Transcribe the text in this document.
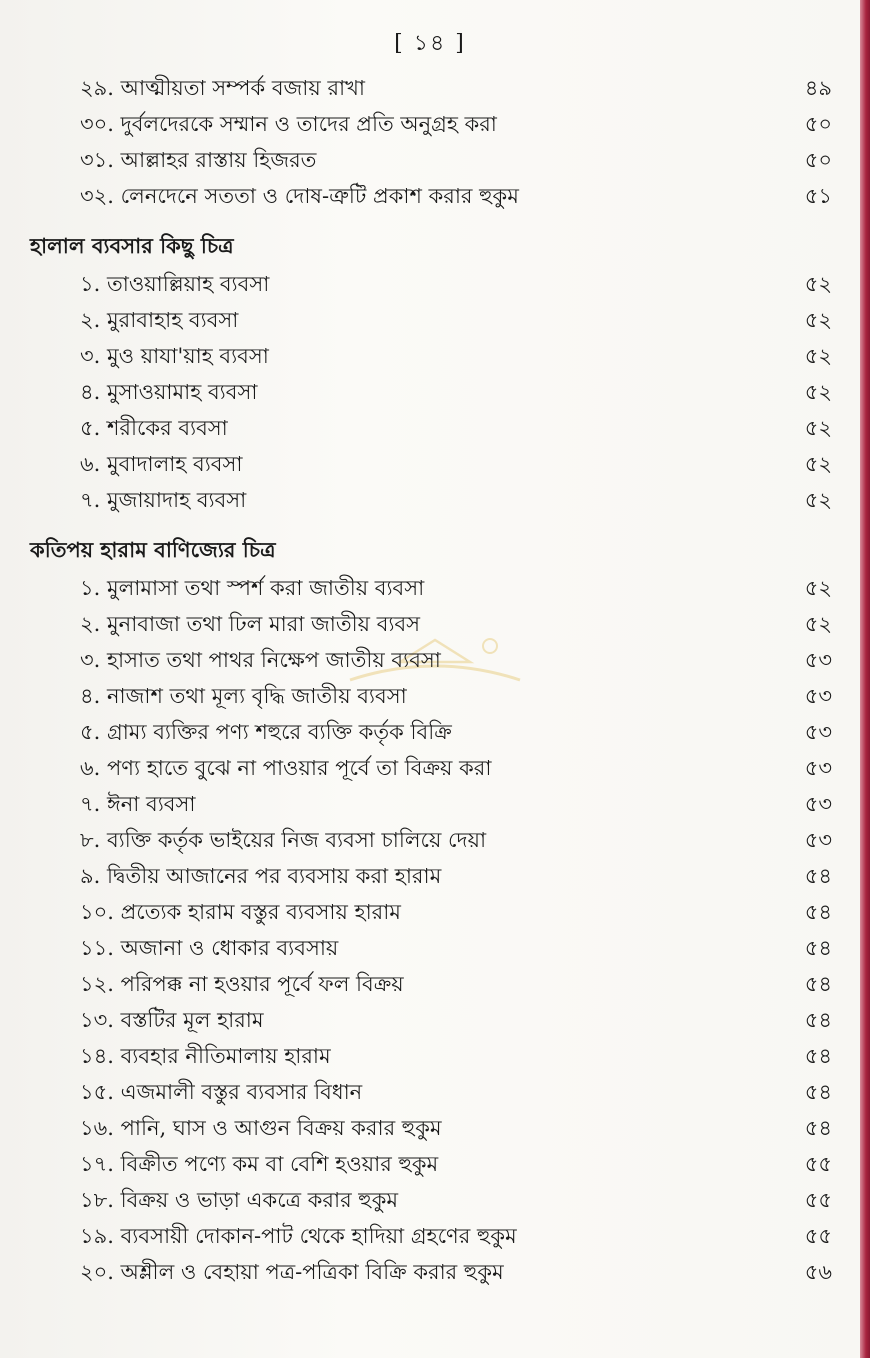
[ ১৪ ]
২৯. আত্মীয়তা সম্পর্ক বজায় রাখা	৪৯
৩০. দুর্বলদেরকে সম্মান ও তাদের প্রতি অনুগ্রহ করা	৫০
৩১. আল্লাহর রাস্তায় হিজরত	৫০
৩২. লেনদেনে সততা ও দোষ-ত্রুটি প্রকাশ করার হুকুম	৫১
হালাল ব্যবসার কিছু চিত্র
১. তাওয়াল্লিয়াহ ব্যবসা	৫২
২. মুরাবাহাহ ব্যবসা	৫২
৩. মুও য়াযা'য়াহ ব্যবসা	৫২
৪. মুসাওয়ামাহ ব্যবসা	৫২
৫. শরীকের ব্যবসা	৫২
৬. মুবাদালাহ ব্যবসা	৫২
৭. মুজায়াদাহ ব্যবসা	৫২
কতিপয় হারাম বাণিজ্যের চিত্র
১. মুলামাসা তথা স্পর্শ করা জাতীয় ব্যবসা	৫২
২. মুনাবাজা তথা ঢিল মারা জাতীয় ব্যবস	৫২
৩. হাসাত তথা পাথর নিক্ষেপ জাতীয় ব্যবসা	৫৩
৪. নাজাশ তথা মূল্য বৃদ্ধি জাতীয় ব্যবসা	৫৩
৫. গ্রাম্য ব্যক্তির পণ্য শহুরে ব্যক্তি কর্তৃক বিক্রি	৫৩
৬. পণ্য হাতে বুঝে না পাওয়ার পূর্বে তা বিক্রয় করা	৫৩
৭. ঈনা ব্যবসা	৫৩
৮. ব্যক্তি কর্তৃক ভাইয়ের নিজ ব্যবসা চালিয়ে দেয়া	৫৩
৯. দ্বিতীয় আজানের পর ব্যবসায় করা হারাম	৫৪
১০. প্রত্যেক হারাম বস্তুর ব্যবসায় হারাম	৫৪
১১. অজানা ও ধোকার ব্যবসায়	৫৪
১২. পরিপক্ক না হওয়ার পূর্বে ফল বিক্রয়	৫৪
১৩. বস্তটির মূল হারাম	৫৪
১৪. ব্যবহার নীতিমালায় হারাম	৫৪
১৫. এজমালী বস্তুর ব্যবসার বিধান	৫৪
১৬. পানি, ঘাস ও আগুন বিক্রয় করার হুকুম	৫৪
১৭. বিক্রীত পণ্যে কম বা বেশি হওয়ার হুকুম	৫৫
১৮. বিক্রয় ও ভাড়া একত্রে করার হুকুম	৫৫
১৯. ব্যবসায়ী দোকান-পাট থেকে হাদিয়া গ্রহণের হুকুম	৫৫
২০. অশ্লীল ও বেহায়া পত্র-পত্রিকা বিক্রি করার হুকুম	৫৬
